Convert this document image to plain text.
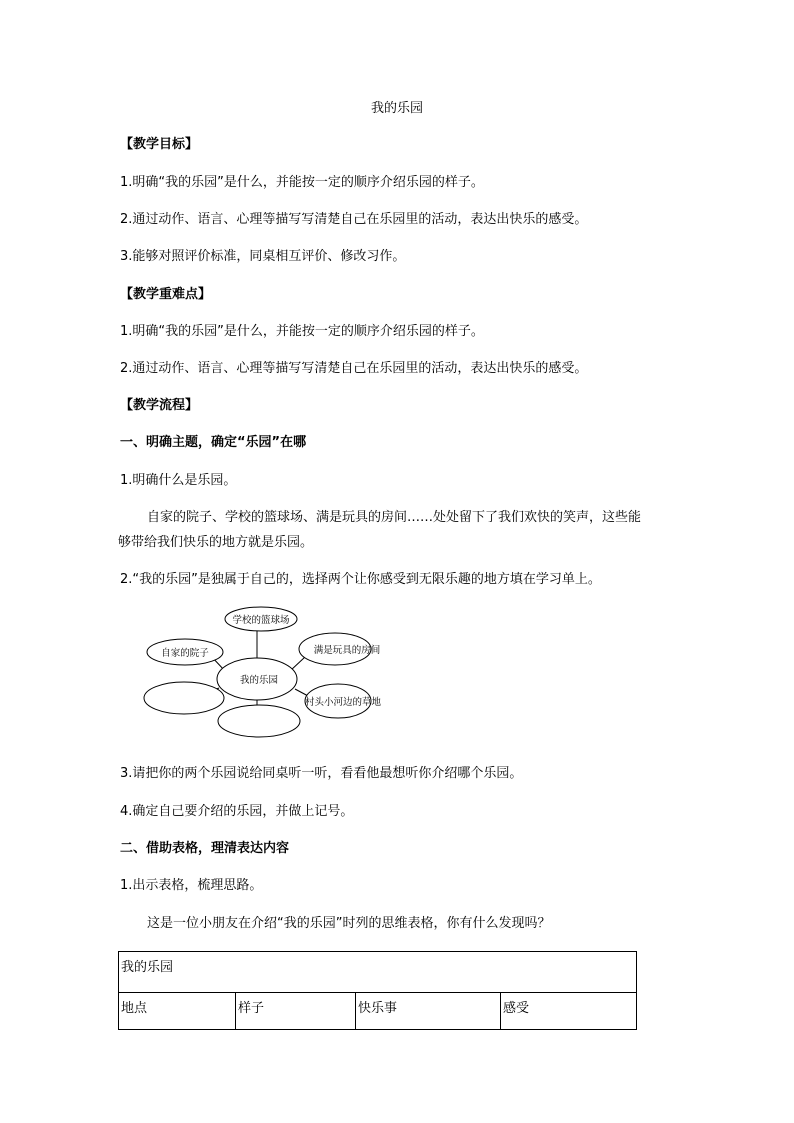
我的乐园
【教学目标】
1.明确“我的乐园”是什么，并能按一定的顺序介绍乐园的样子。
2.通过动作、语言、心理等描写写清楚自己在乐园里的活动，表达出快乐的感受。
3.能够对照评价标准，同桌相互评价、修改习作。
【教学重难点】
1.明确“我的乐园”是什么，并能按一定的顺序介绍乐园的样子。
2.通过动作、语言、心理等描写写清楚自己在乐园里的活动，表达出快乐的感受。
【教学流程】
一、明确主题，确定“乐园”在哪
1.明确什么是乐园。
自家的院子、学校的篮球场、满是玩具的房间……处处留下了我们欢快的笑声，这些能
够带给我们快乐的地方就是乐园。
2.“我的乐园”是独属于自己的，选择两个让你感受到无限乐趣的地方填在学习单上。
学校的篮球场
自家的院子	满是玩具的房间
我的乐园
村头小河边的草地
3.请把你的两个乐园说给同桌听一听，看看他最想听你介绍哪个乐园。
4.确定自己要介绍的乐园，并做上记号。
二、借助表格，理清表达内容
1.出示表格，梳理思路。
这是一位小朋友在介绍“我的乐园”时列的思维表格，你有什么发现吗？
我的乐园
地点	样子	快乐事	感受
